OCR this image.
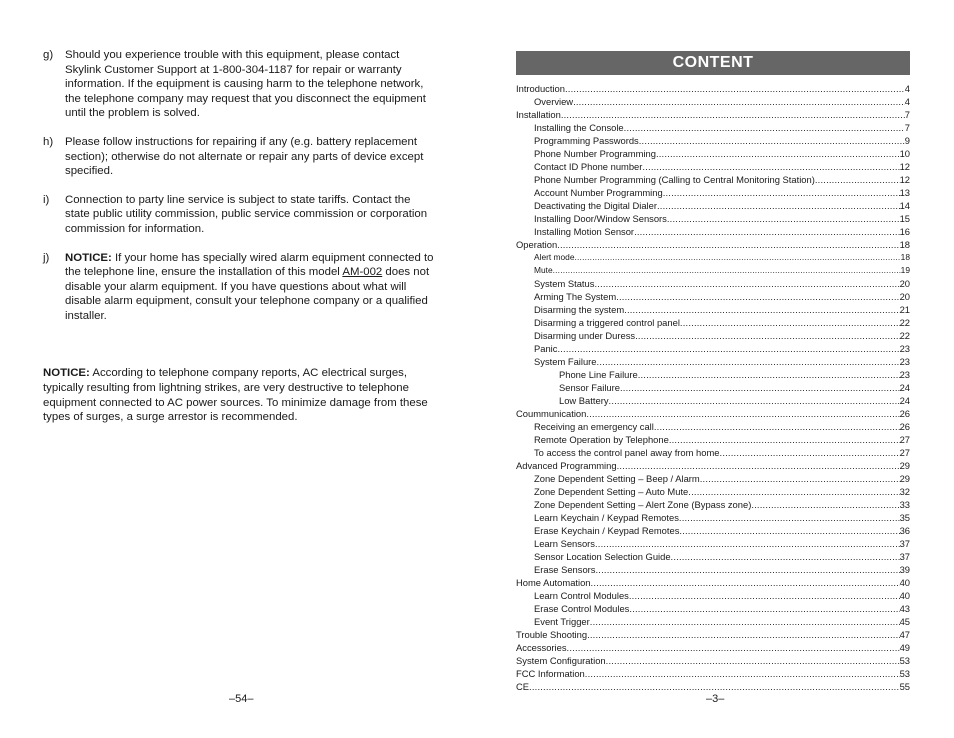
g)	Should you experience trouble with this equipment, please contact Skylink Customer Support at 1-800-304-1187 for repair or warranty information. If the equipment is causing harm to the telephone network, the telephone company may request that you disconnect the equipment until the problem is solved.
h)	Please follow instructions for repairing if any (e.g. battery replacement section); otherwise do not alternate or repair any parts of device except specified.
i)	Connection to party line service is subject to state tariffs. Contact the state public utility commission, public service commission or corporation commission for information.
j)	NOTICE: If your home has specially wired alarm equipment connected to the telephone line, ensure the installation of this model AM-002 does not disable your alarm equipment. If you have questions about what will disable alarm equipment, consult your telephone company or a qualified installer.
NOTICE: According to telephone company reports, AC electrical surges, typically resulting from lightning strikes, are very destructive to telephone equipment connected to AC power sources. To minimize damage from these types of surges, a surge arrestor is recommended.
–54–
CONTENT
Introduction .....	4
Overview .....	4
Installation .....	7
Installing the Console .....	7
Programming Passwords .....	9
Phone Number Programming .....	10
Contact ID Phone number .....	12
Phone Number Programming (Calling to Central Monitoring Station) .....	12
Account Number Programming .....	13
Deactivating the Digital Dialer .....	14
Installing Door/Window Sensors .....	15
Installing Motion Sensor .....	16
Operation .....	18
Alert mode .....	18
Mute .....	19
System Status .....	20
Arming The System .....	20
Disarming the system .....	21
Disarming a triggered control panel .....	22
Disarming under Duress .....	22
Panic .....	23
System Failure .....	23
Phone Line Failure .....	23
Sensor Failure .....	24
Low Battery .....	24
Coummunication .....	26
Receiving an emergency call .....	26
Remote Operation by Telephone .....	27
To access the control panel away from home .....	27
Advanced Programming .....	29
Zone Dependent Setting – Beep / Alarm .....	29
Zone Dependent Setting – Auto Mute .....	32
Zone Dependent Setting – Alert Zone (Bypass zone) .....	33
Learn Keychain / Keypad Remotes .....	35
Erase Keychain / Keypad Remotes .....	36
Learn Sensors .....	37
Sensor Location Selection Guide .....	37
Erase Sensors .....	39
Home Automation .....	40
Learn Control Modules .....	40
Erase Control Modules .....	43
Event Trigger .....	45
Trouble Shooting .....	47
Accessories .....	49
System Configuration .....	53
FCC Information .....	53
CE .....	55
–3–
